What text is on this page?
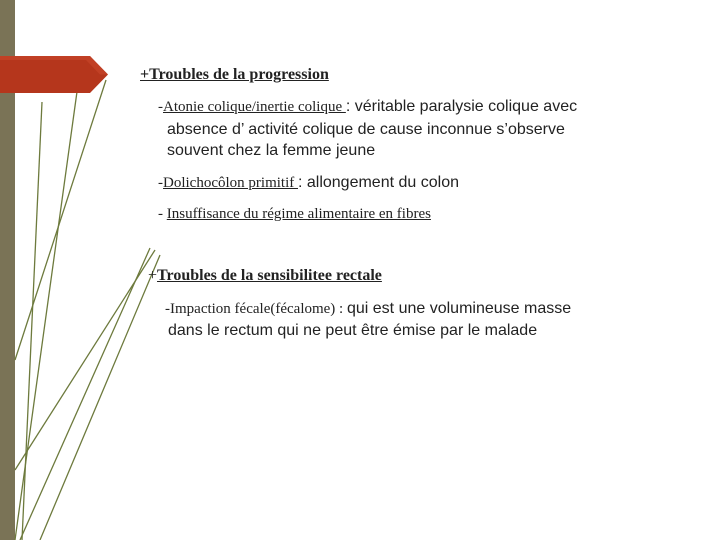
+Troubles de la progression
-Atonie colique/inertie colique : véritable paralysie colique avec
absence d’ activité colique de cause inconnue s’observe
souvent chez la femme jeune
-Dolichocôlon primitif : allongement du colon
- Insuffisance du régime alimentaire en fibres
+Troubles de la sensibilitee rectale
-Impaction fécale(fécalome) : qui est une volumineuse masse
dans le rectum qui ne peut être émise par le malade
